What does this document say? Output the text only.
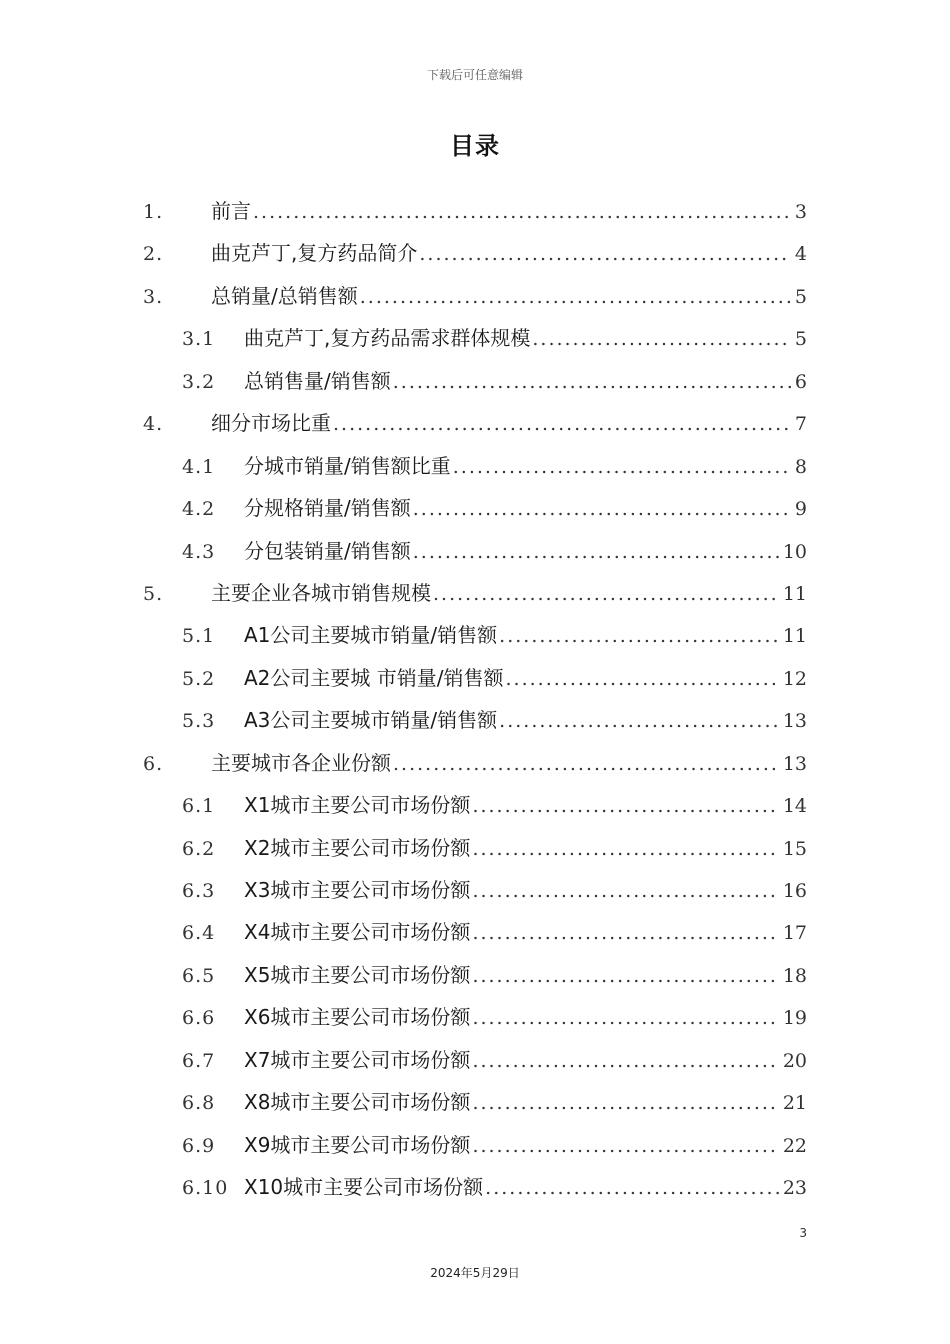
下载后可任意编辑
目录
1.	前言 .....	3
2.	曲克芦丁,复方药品简介 .....	4
3.	总销量/总销售额 .....	5
3.1	曲克芦丁,复方药品需求群体规模 .....	5
3.2	总销售量/销售额 .....	6
4.	细分市场比重 .....	7
4.1	分城市销量/销售额比重 .....	8
4.2	分规格销量/销售额 .....	9
4.3	分包装销量/销售额 .....	10
5.	主要企业各城市销售规模 .....	11
5.1	A1公司主要城市销量/销售额 .....	11
5.2	A2公司主要城 市销量/销售额 .....	12
5.3	A3公司主要城市销量/销售额 .....	13
6.	主要城市各企业份额 .....	13
6.1	X1城市主要公司市场份额 .....	14
6.2	X2城市主要公司市场份额 .....	15
6.3	X3城市主要公司市场份额 .....	16
6.4	X4城市主要公司市场份额 .....	17
6.5	X5城市主要公司市场份额 .....	18
6.6	X6城市主要公司市场份额 .....	19
6.7	X7城市主要公司市场份额 .....	20
6.8	X8城市主要公司市场份额 .....	21
6.9	X9城市主要公司市场份额 .....	22
6.10 X10城市主要公司市场份额 .....	23
3
2024年5月29日
